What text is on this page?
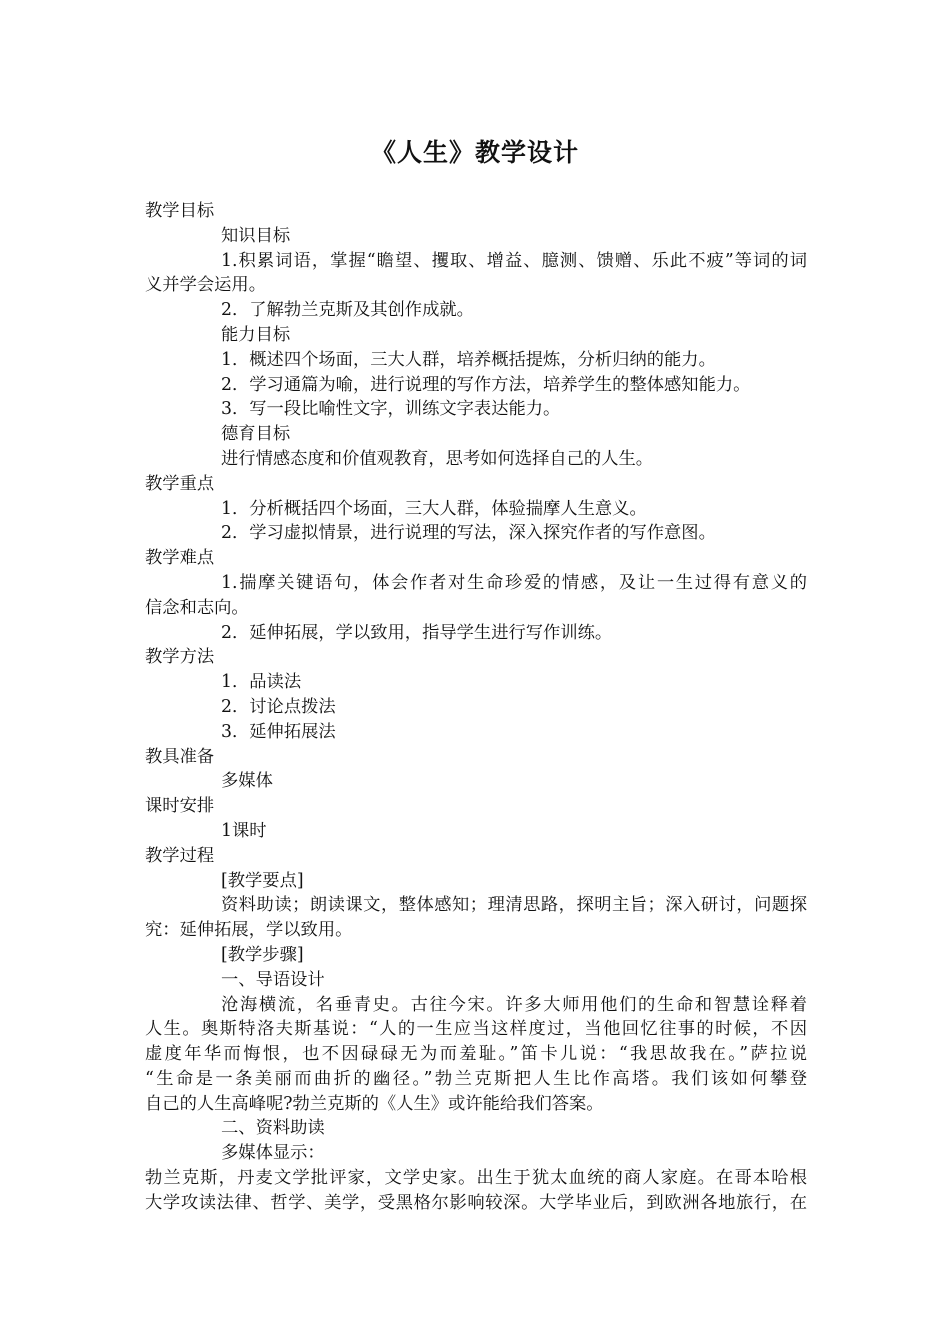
《人生》教学设计
教学目标
知识目标
1.积累词语，掌握“瞻望、攫取、增益、臆测、馈赠、乐此不疲”等词的词
义并学会运用。
2．了解勃兰克斯及其创作成就。
能力目标
1．概述四个场面，三大人群，培养概括提炼，分析归纳的能力。
2．学习通篇为喻，进行说理的写作方法，培养学生的整体感知能力。
3．写一段比喻性文字，训练文字表达能力。
德育目标
进行情感态度和价值观教育，思考如何选择自己的人生。
教学重点
1．分析概括四个场面，三大人群，体验揣摩人生意义。
2．学习虚拟情景，进行说理的写法，深入探究作者的写作意图。
教学难点
1.揣摩关键语句，体会作者对生命珍爱的情感，及让一生过得有意义的
信念和志向。
2．延伸拓展，学以致用，指导学生进行写作训练。
教学方法
1．品读法
2．讨论点拨法
3．延伸拓展法
教具准备
多媒体
课时安排
1课时
教学过程
[教学要点]
资料助读；朗读课文，整体感知；理清思路，探明主旨；深入研讨，问题探
究：延伸拓展，学以致用。
[教学步骤]
一、导语设计
沧海横流，名垂青史。古往今宋。许多大师用他们的生命和智慧诠释着
人生。奥斯特洛夫斯基说：“人的一生应当这样度过，当他回忆往事的时候，不因
虚度年华而悔恨，也不因碌碌无为而羞耻。”笛卡儿说：“我思故我在。”萨拉说
“生命是一条美丽而曲折的幽径。”勃兰克斯把人生比作高塔。我们该如何攀登
自己的人生高峰呢?勃兰克斯的《人生》或许能给我们答案。
二、资料助读
多媒体显示：
勃兰克斯，丹麦文学批评家，文学史家。出生于犹太血统的商人家庭。在哥本哈根
大学攻读法律、哲学、美学，受黑格尔影响较深。大学毕业后，到欧洲各地旅行，在
